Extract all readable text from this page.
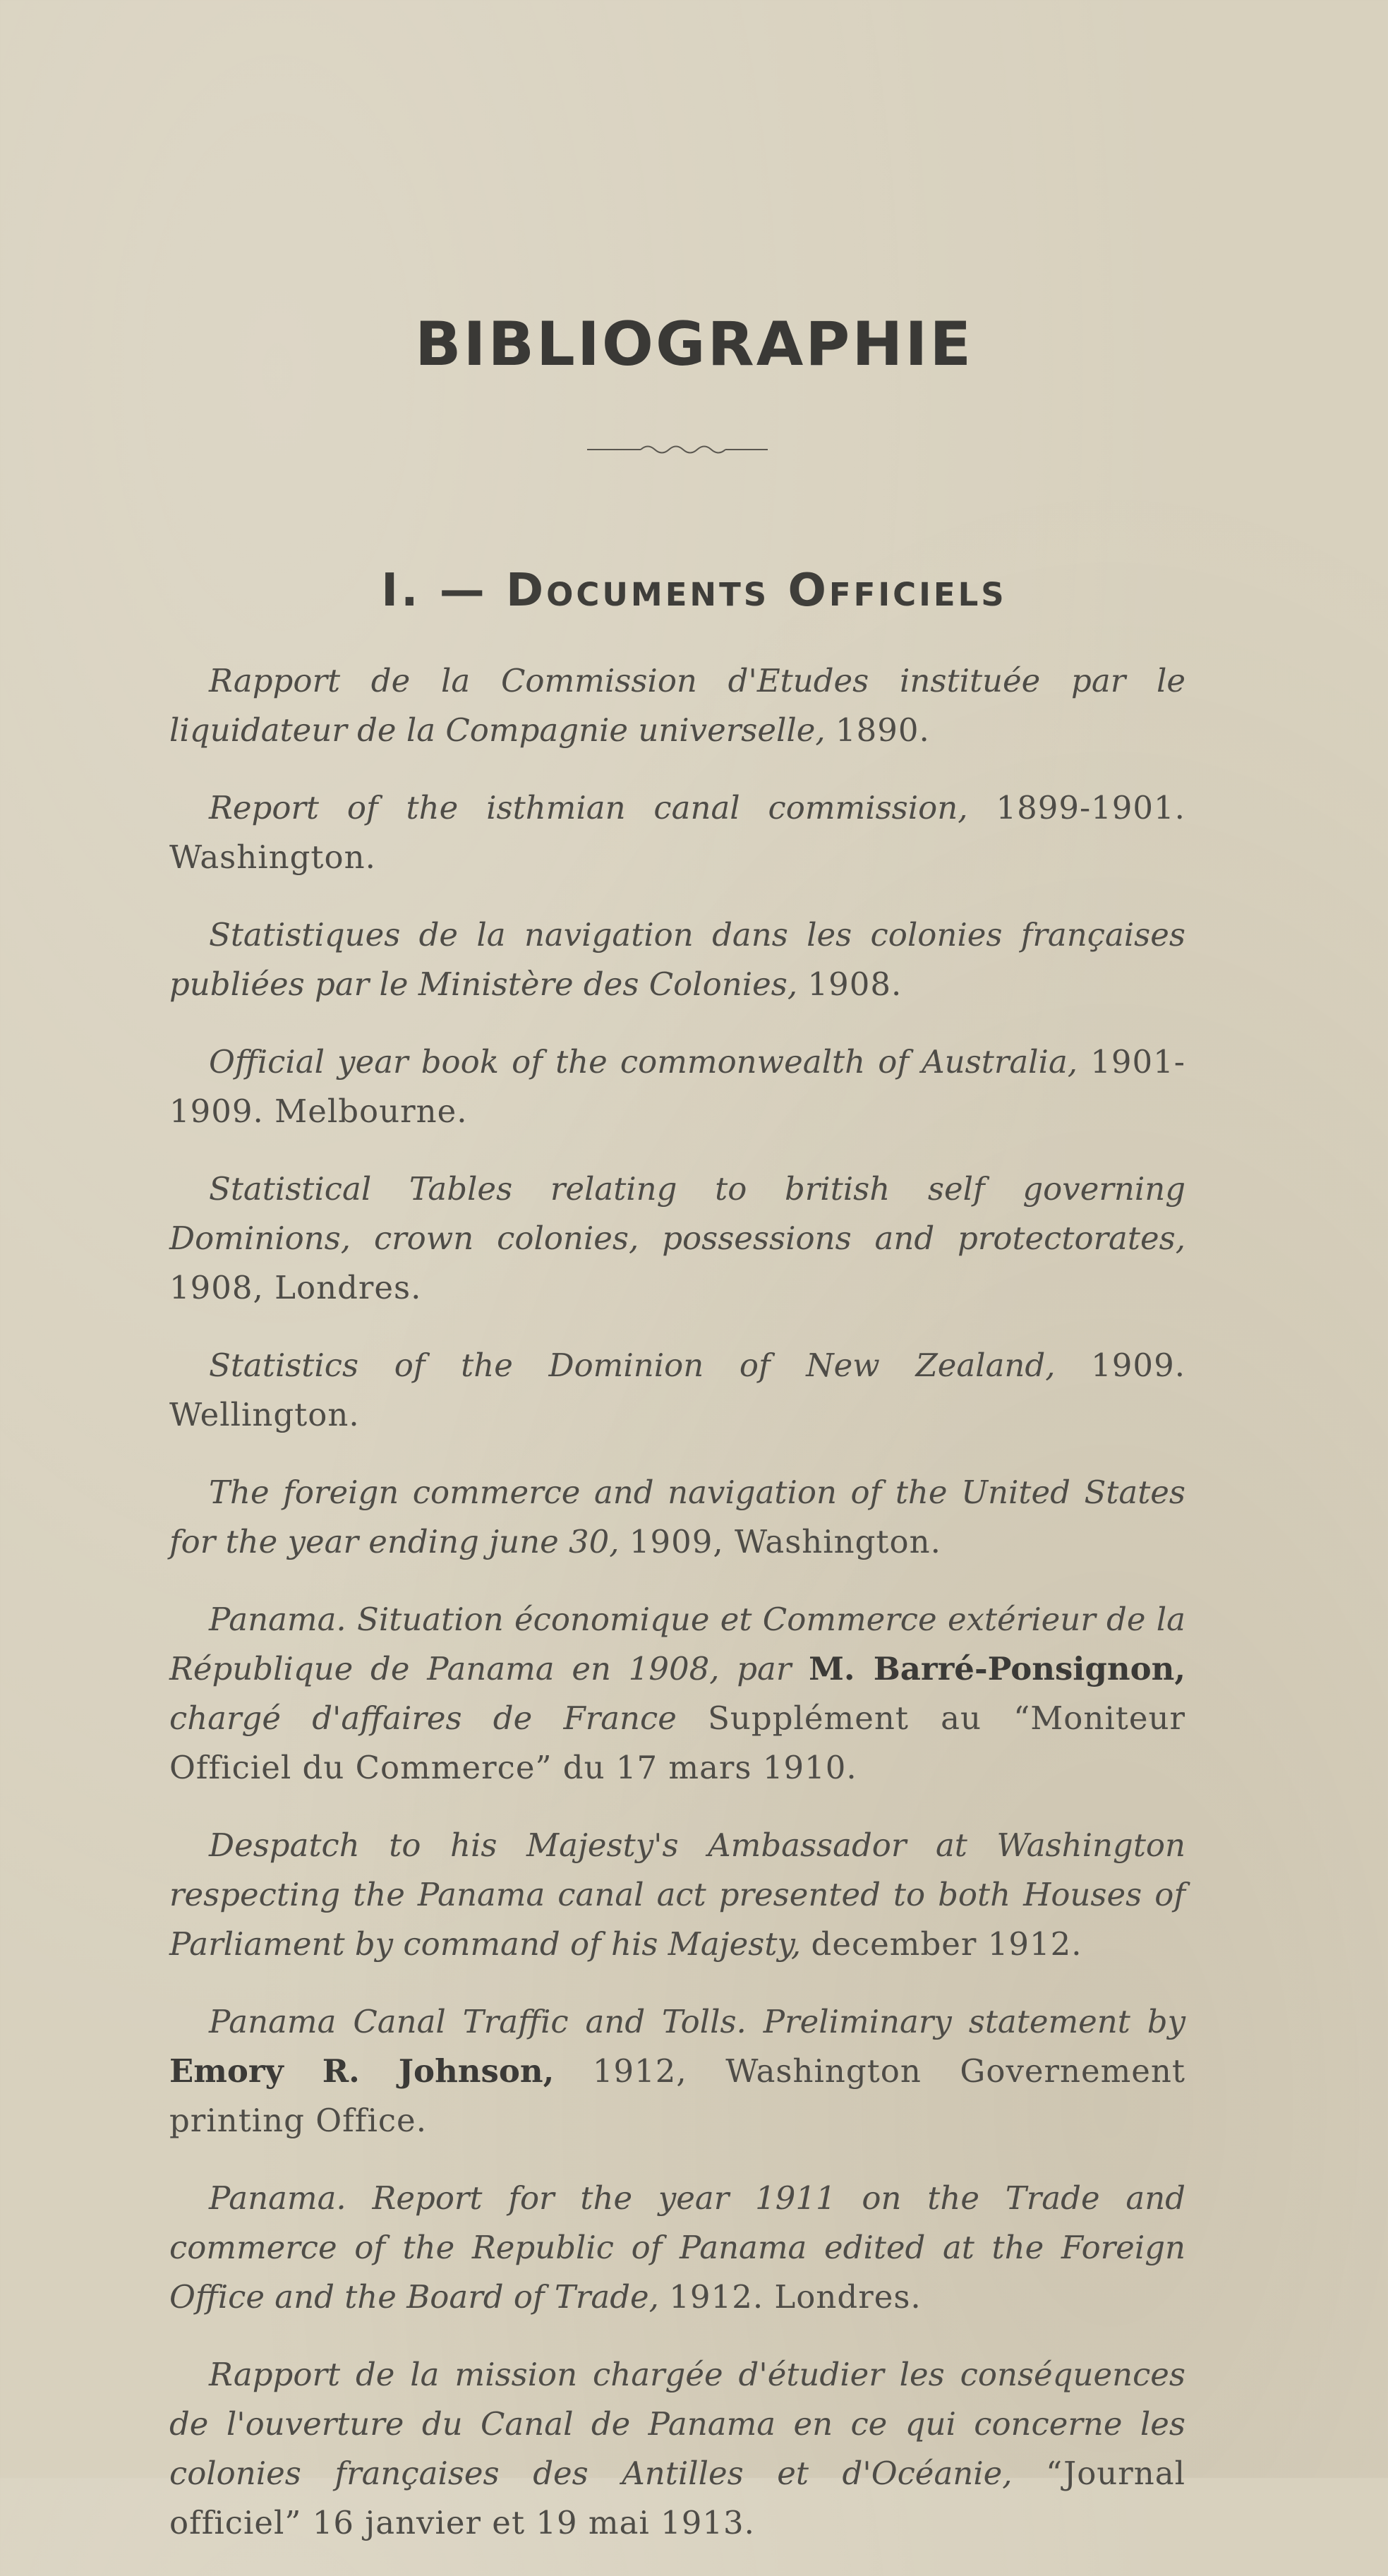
BIBLIOGRAPHIE
I. — Documents Officiels

Rapport de la Commission d'Etudes instituée par le liquidateur de la Compagnie universelle, 1890.

Report of the isthmian canal commission, 1899-1901. Washington.

Statistiques de la navigation dans les colonies françaises publiées par le Ministère des Colonies, 1908.

Official year book of the commonwealth of Australia, 1901-1909. Melbourne.

Statistical Tables relating to british self governing Dominions, crown colonies, possessions and protectorates, 1908, Londres.

Statistics of the Dominion of New Zealand, 1909. Wellington.

The foreign commerce and navigation of the United States for the year ending june 30, 1909, Washington.

Panama. Situation économique et Commerce extérieur de la République de Panama en 1908, par M. Barré-Ponsignon, chargé d'affaires de France Supplément au “Moniteur Officiel du Commerce” du 17 mars 1910.

Despatch to his Majesty's Ambassador at Washington respecting the Panama canal act presented to both Houses of Parliament by command of his Majesty, december 1912.

Panama Canal Traffic and Tolls. Preliminary statement by Emory R. Johnson, 1912, Washington Governement printing Office.

Panama. Report for the year 1911 on the Trade and commerce of the Republic of Panama edited at the Foreign Office and the Board of Trade, 1912. Londres.

Rapport de la mission chargée d'étudier les conséquences de l'ouverture du Canal de Panama en ce qui concerne les colonies françaises des Antilles et d'Océanie, “Journal officiel” 16 janvier et 19 mai 1913.
